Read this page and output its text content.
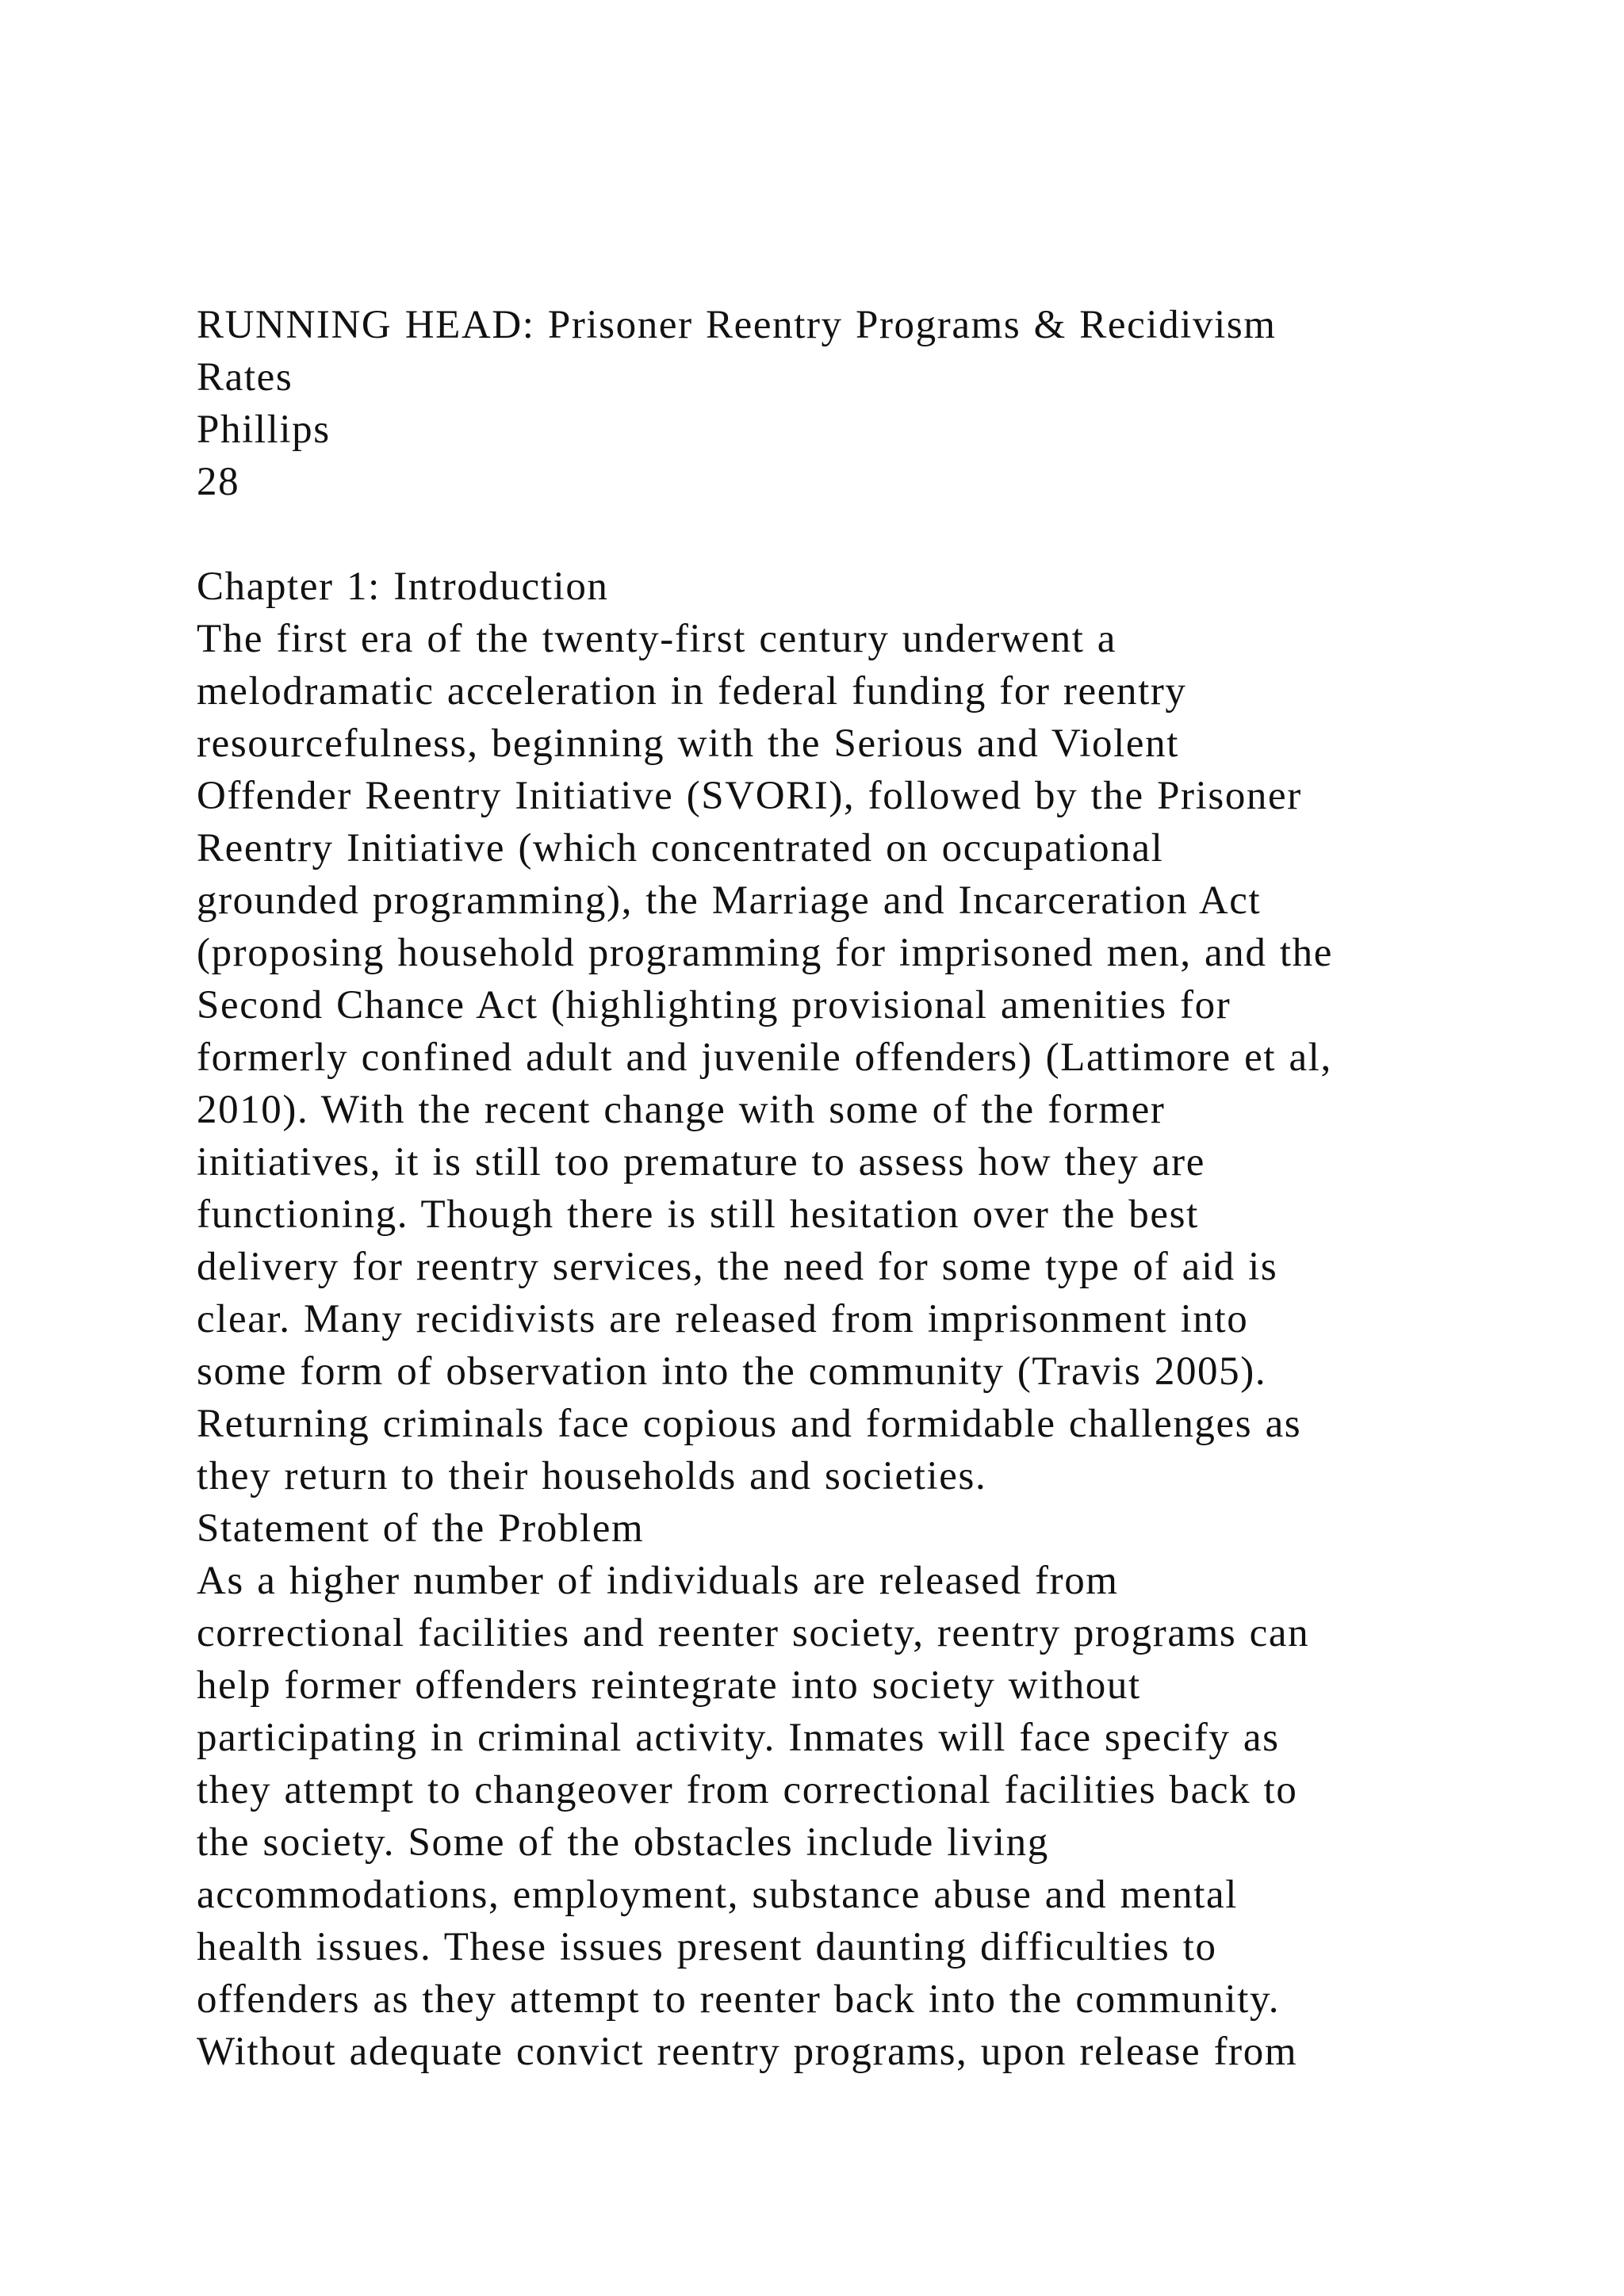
RUNNING HEAD: Prisoner Reentry Programs & Recidivism
Rates
Phillips
28
Chapter 1: Introduction
The first era of the twenty-first century underwent a
melodramatic acceleration in federal funding for reentry
resourcefulness, beginning with the Serious and Violent
Offender Reentry Initiative (SVORI), followed by the Prisoner
Reentry Initiative (which concentrated on occupational
grounded programming), the Marriage and Incarceration Act
(proposing household programming for imprisoned men, and the
Second Chance Act (highlighting provisional amenities for
formerly confined adult and juvenile offenders) (Lattimore et al,
2010). With the recent change with some of the former
initiatives, it is still too premature to assess how they are
functioning. Though there is still hesitation over the best
delivery for reentry services, the need for some type of aid is
clear. Many recidivists are released from imprisonment into
some form of observation into the community (Travis 2005).
Returning criminals face copious and formidable challenges as
they return to their households and societies.
Statement of the Problem
As a higher number of individuals are released from
correctional facilities and reenter society, reentry programs can
help former offenders reintegrate into society without
participating in criminal activity. Inmates will face specify as
they attempt to changeover from correctional facilities back to
the society. Some of the obstacles include living
accommodations, employment, substance abuse and mental
health issues. These issues present daunting difficulties to
offenders as they attempt to reenter back into the community.
Without adequate convict reentry programs, upon release from
